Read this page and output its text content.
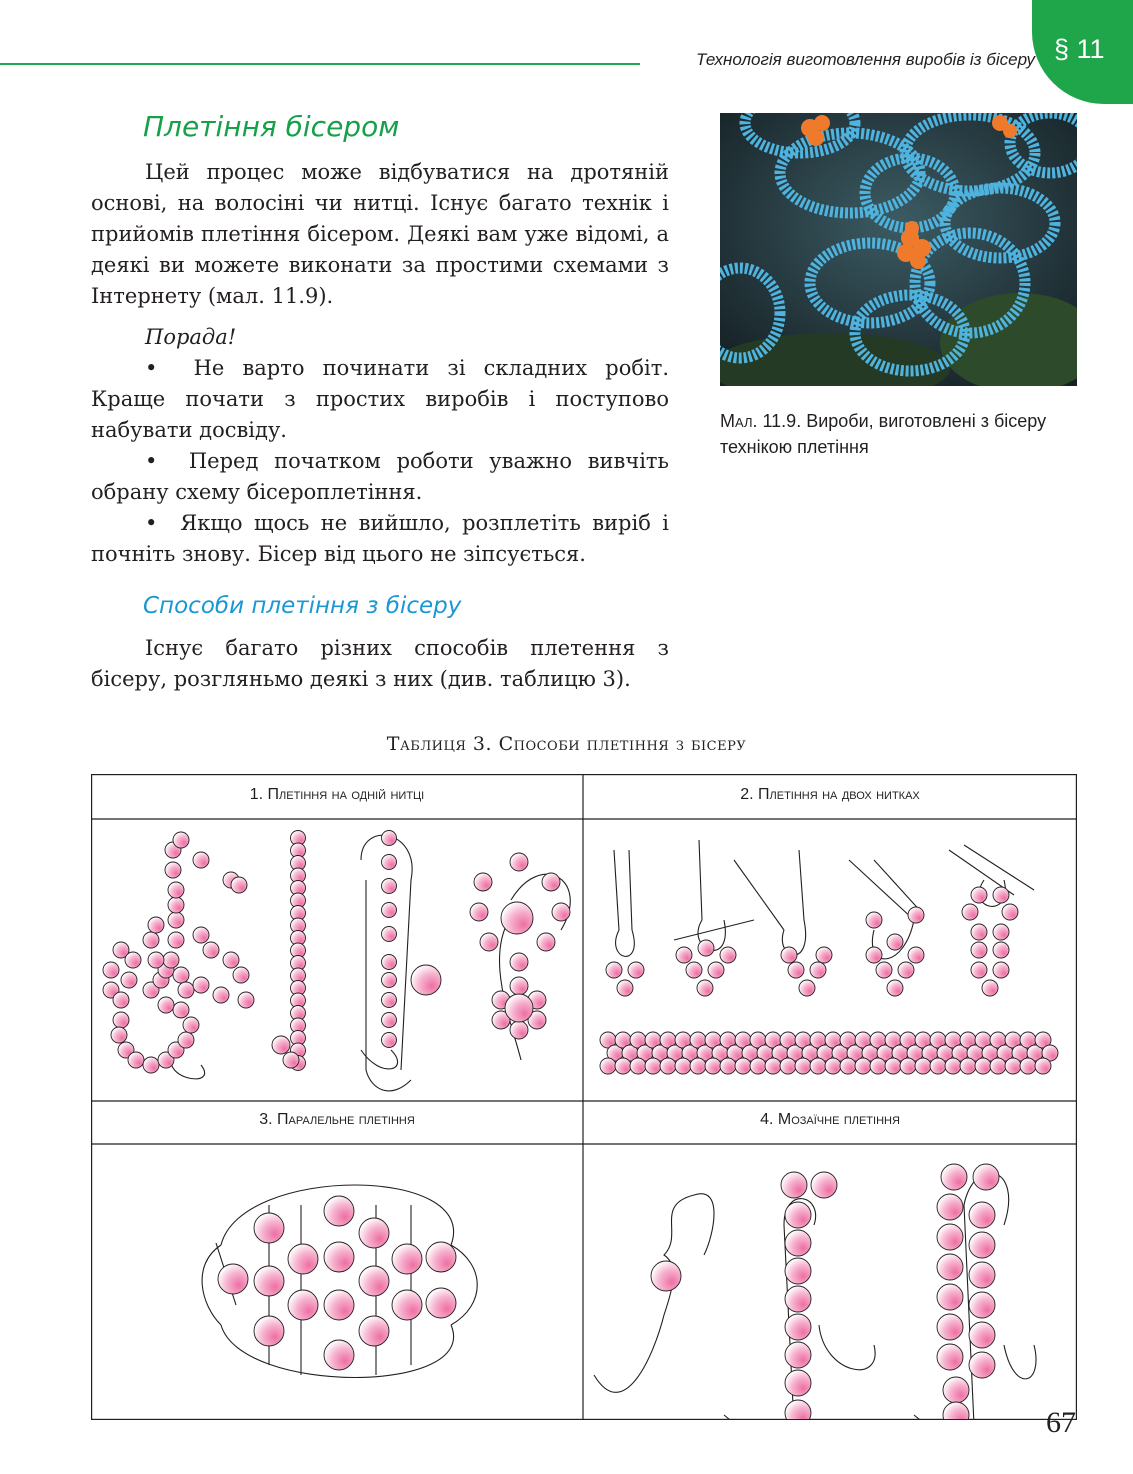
Технологія виготовлення виробів із бісеру § 11
Плетіння бісером

Цей процес може відбуватися на дротяній основі, на волосіні чи нитці. Існує багато технік і прийомів плетіння бісером. Деякі вам уже відомі, а деякі ви можете виконати за простими схемами з Інтернету (мал. 11.9).

Порада!

•  Не варто починати зі складних робіт. Краще почати з простих виробів і поступово набувати досвіду.

•  Перед початком роботи уважно вивчіть обрану схему бісероплетіння.

•  Якщо щось не вийшло, розплетіть виріб і почніть знову. Бісер від цього не зіпсується.

Способи плетіння з бісеру

Існує багато різних способів плетення з бісеру, розгляньмо деякі з них (див. таблицю 3).

Мал. 11.9. Вироби, виготовлені з бісеру технікою плетіння
Таблиця 3. Способи плетіння з бісеру
1. Плетіння на одній нитці	2. Плетіння на двох нитках
3. Паралельне плетіння	4. Мозаїчне плетіння
67
